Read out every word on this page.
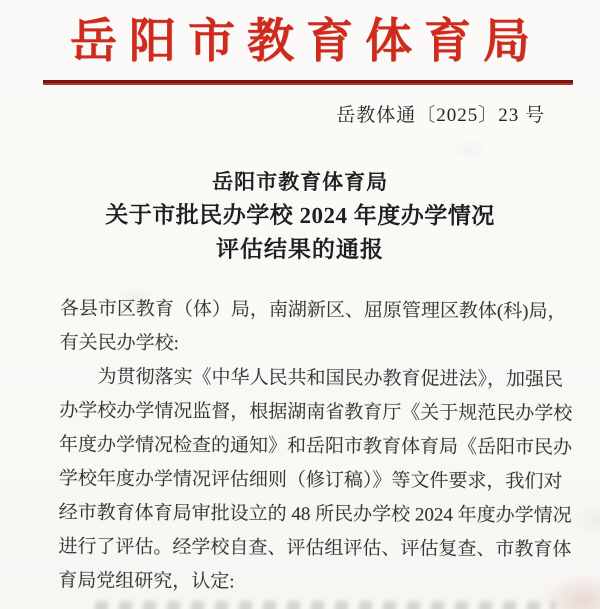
岳阳市教育体育局
岳教体通〔2025〕23 号
岳阳市教育体育局
关于市批民办学校 2024 年度办学情况
评估结果的通报
各县市区教育（体）局，南湖新区、屈原管理区教体(科)局，
有关民办学校:
为贯彻落实《中华人民共和国民办教育促进法》，加强民
办学校办学情况监督，根据湖南省教育厅《关于规范民办学校
年度办学情况检查的通知》和岳阳市教育体育局《岳阳市民办
学校年度办学情况评估细则（修订稿）》等文件要求，我们对
经市教育体育局审批设立的 48 所民办学校 2024 年度办学情况
进行了评估。经学校自查、评估组评估、评估复查、市教育体
育局党组研究，认定:
